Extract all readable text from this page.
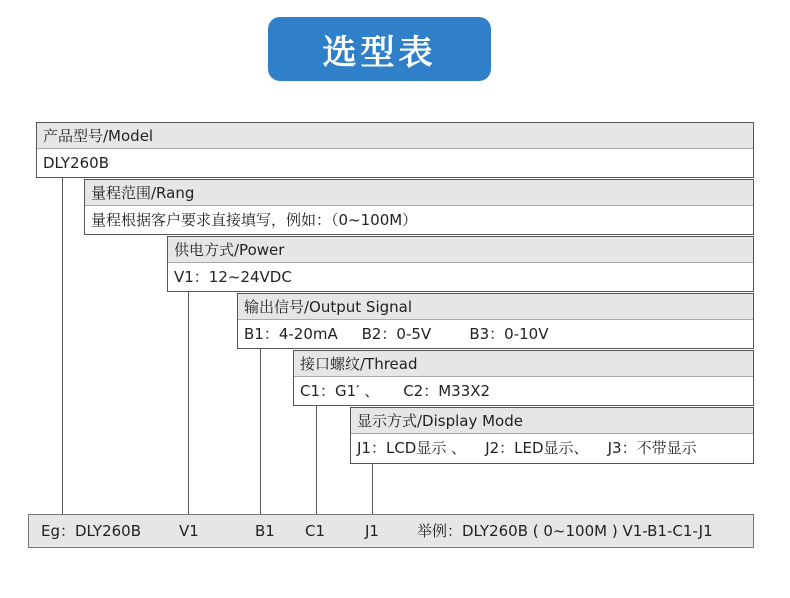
选型表
产品型号/Model
DLY260B
量程范围/Rang
量程根据客户要求直接填写，例如：（0~100M）
供电方式/Power
V1：12~24VDC
输出信号/Output Signal
B1：4-20mA     B2：0-5V        B3：0-10V
接口螺纹/Thread
C1：G1′ 、     C2：M33X2
显示方式/Display Mode
J1：LCD显示 、    J2：LED显示、    J3：不带显示
Eg：DLY260B	V1	B1 C1	J1	举例：DLY260B ( 0~100M ) V1-B1-C1-J1
